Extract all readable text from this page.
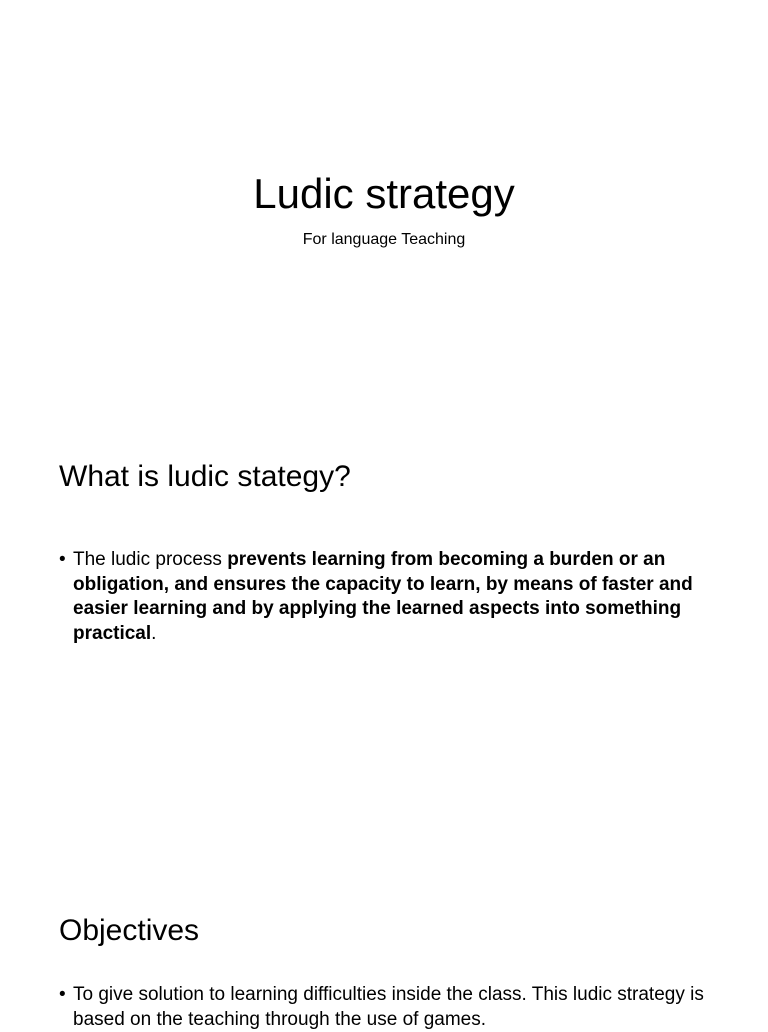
Ludic strategy

For language Teaching

What is ludic stategy?
• The ludic process prevents learning from becoming a burden or an obligation, and ensures the capacity to learn, by means of faster and easier learning and by applying the learned aspects into something practical.
Objectives
• To give solution to learning difficulties inside the class. This ludic strategy is based on the teaching through the use of games.
